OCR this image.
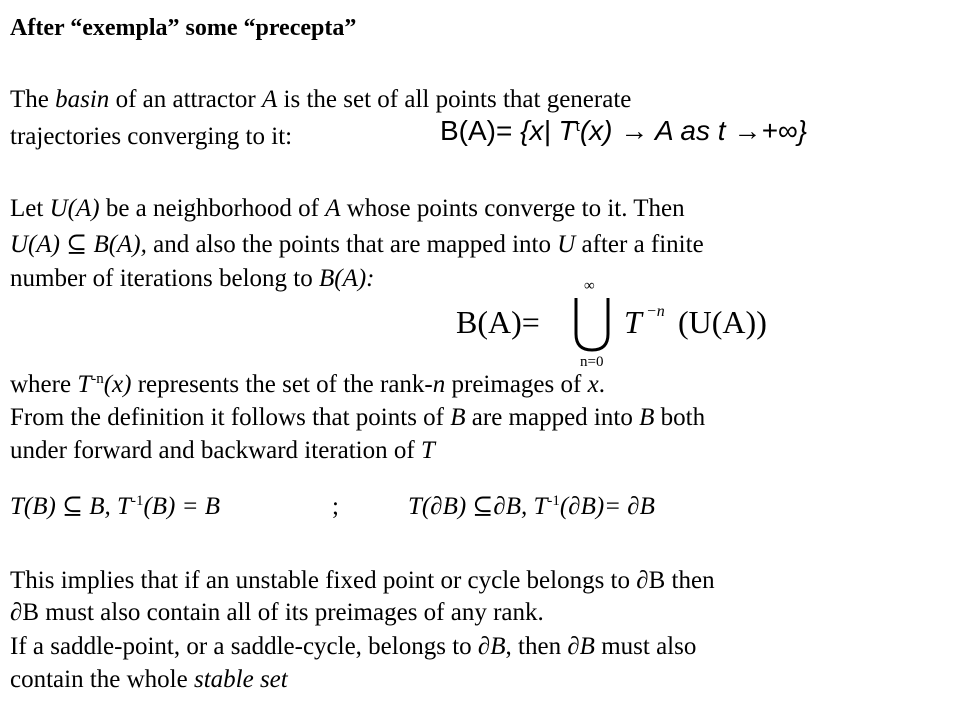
After “exempla” some “precepta”
The basin of an attractor A is the set of all points that generate
trajectories converging to it:	B(A)= {x| $T^t(x) \to A$ as t →+∞}
Let U(A) be a neighborhood of A whose points converge to it. Then
U(A) ⊆ B(A), and also the points that are mapped into U after a finite
number of iterations belong to B(A):
B(A)=
∞
n=0
T −n (U(A))
where $T^{-n}(x)$ represents the set of the rank-n preimages of x.
From the definition it follows that points of B are mapped into B both
under forward and backward iteration of T
T(B) ⊆ B, $T^{-1}(B) = B$	;	T(∂B) ⊆∂B, $T^{-1}(\partial B)= \partial B$
This implies that if an unstable fixed point or cycle belongs to ∂B then
∂B must also contain all of its preimages of any rank.
If a saddle-point, or a saddle-cycle, belongs to ∂B, then ∂B must also
contain the whole stable set
